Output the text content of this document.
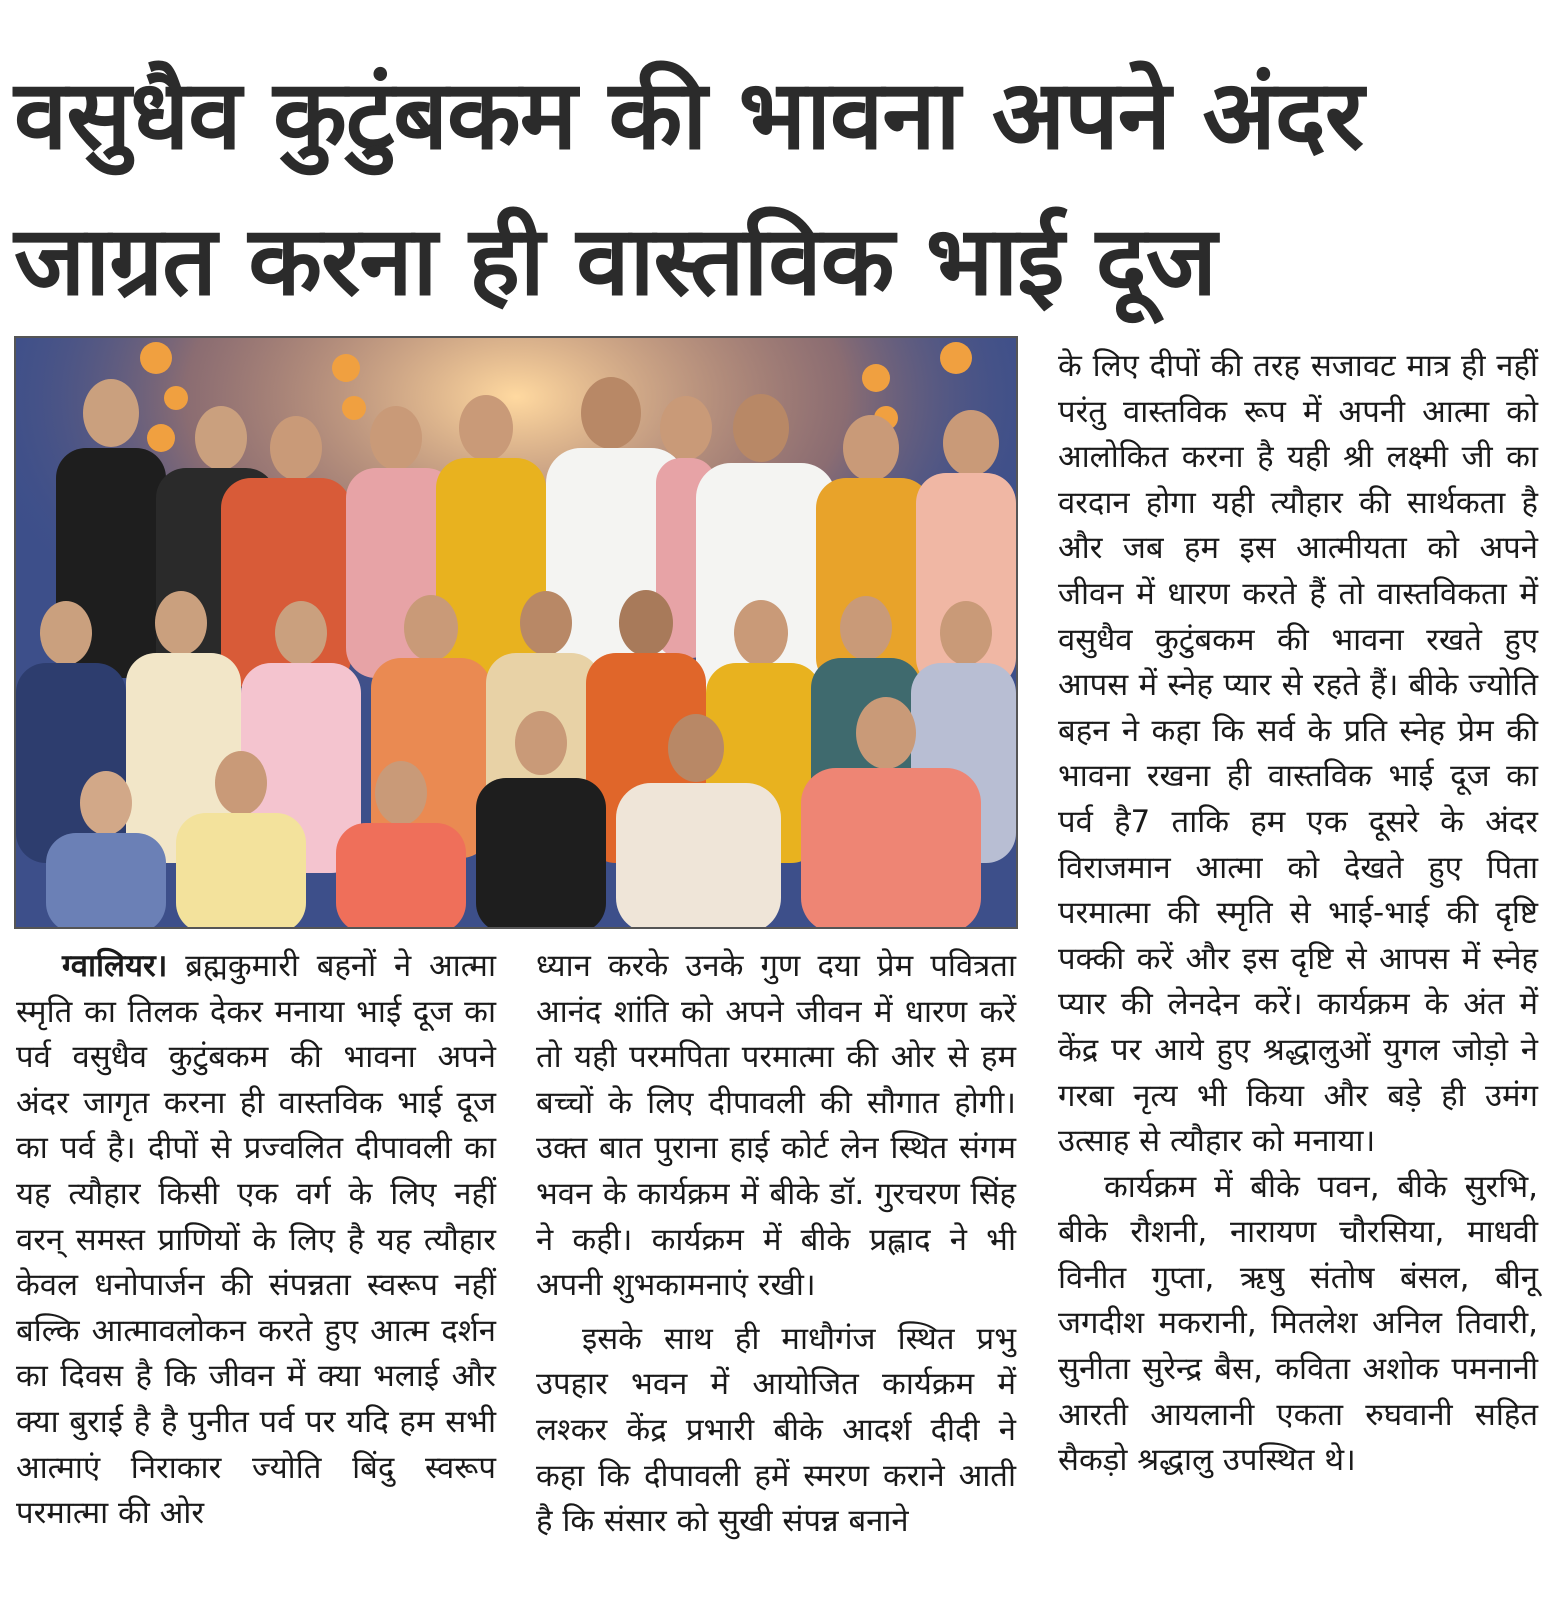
वसुधैव कुटुंबकम की भावना अपने अंदर
जाग्रत करना ही वास्तविक भाई दूज

ग्वालियर। ब्रह्मकुमारी बहनों ने आत्मा स्मृति का तिलक देकर मनाया भाई दूज का पर्व वसुधैव कुटुंबकम की भावना अपने अंदर जागृत करना ही वास्तविक भाई दूज का पर्व है। दीपों से प्रज्वलित दीपावली का यह त्यौहार किसी एक वर्ग के लिए नहीं वरन् समस्त प्राणियों के लिए है यह त्यौहार केवल धनोपार्जन की संपन्नता स्वरूप नहीं बल्कि आत्मावलोकन करते हुए आत्म दर्शन का दिवस है कि जीवन में क्या भलाई और क्या बुराई है है पुनीत पर्व पर यदि हम सभी आत्माएं निराकार ज्योति बिंदु स्वरूप परमात्मा की ओर

ध्यान करके उनके गुण दया प्रेम पवित्रता आनंद शांति को अपने जीवन में धारण करें तो यही परमपिता परमात्मा की ओर से हम बच्चों के लिए दीपावली की सौगात होगी। उक्त बात पुराना हाई कोर्ट लेन स्थित संगम भवन के कार्यक्रम में बीके डॉ. गुरचरण सिंह ने कही। कार्यक्रम में बीके प्रह्लाद ने भी अपनी शुभकामनाएं रखी।

इसके साथ ही माधौगंज स्थित प्रभु उपहार भवन में आयोजित कार्यक्रम में लश्कर केंद्र प्रभारी बीके आदर्श दीदी ने कहा कि दीपावली हमें स्मरण कराने आती है कि संसार को सुखी संपन्न बनाने

के लिए दीपों की तरह सजावट मात्र ही नहीं परंतु वास्तविक रूप में अपनी आत्मा को आलोकित करना है यही श्री लक्ष्मी जी का वरदान होगा यही त्यौहार की सार्थकता है और जब हम इस आत्मीयता को अपने जीवन में धारण करते हैं तो वास्तविकता में वसुधैव कुटुंबकम की भावना रखते हुए आपस में स्नेह प्यार से रहते हैं। बीके ज्योति बहन ने कहा कि सर्व के प्रति स्नेह प्रेम की भावना रखना ही वास्तविक भाई दूज का पर्व है7 ताकि हम एक दूसरे के अंदर विराजमान आत्मा को देखते हुए पिता परमात्मा की स्मृति से भाई-भाई की दृष्टि पक्की करें और इस दृष्टि से आपस में स्नेह प्यार की लेनदेन करें। कार्यक्रम के अंत में केंद्र पर आये हुए श्रद्धालुओं युगल जोड़ो ने गरबा नृत्य भी किया और बड़े ही उमंग उत्साह से त्यौहार को मनाया।

कार्यक्रम में बीके पवन, बीके सुरभि, बीके रौशनी, नारायण चौरसिया, माधवी विनीत गुप्ता, ऋषु संतोष बंसल, बीनू जगदीश मकरानी, मितलेश अनिल तिवारी, सुनीता सुरेन्द्र बैस, कविता अशोक पमनानी आरती आयलानी एकता रुघवानी सहित सैकड़ो श्रद्धालु उपस्थित थे।
